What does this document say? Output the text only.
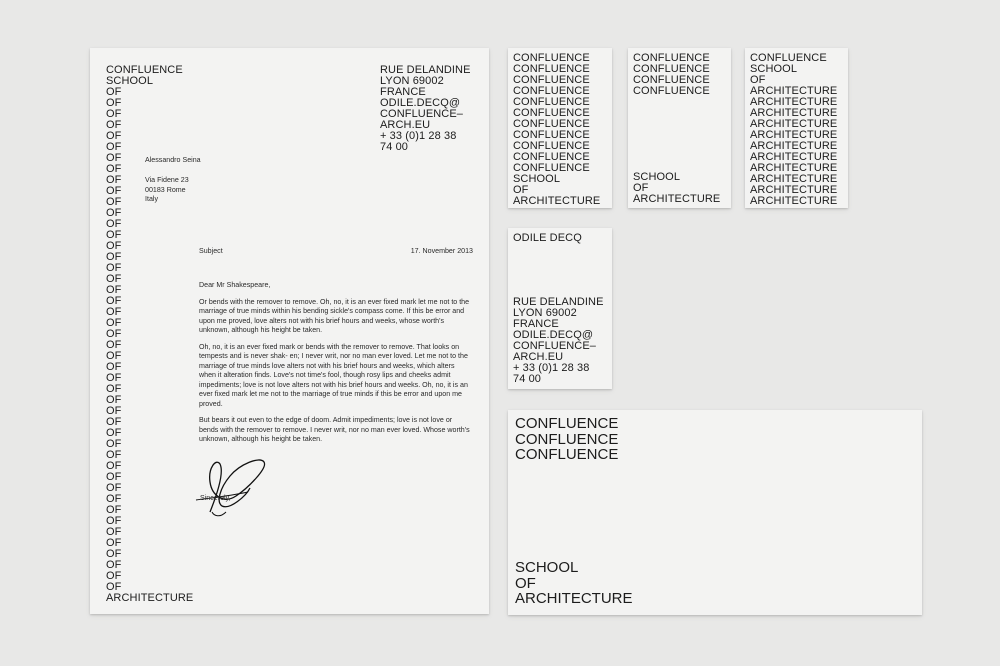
CONFLUENCE
SCHOOL
OF
OF
OF
OF
OF
OF
OF
OF
OF
OF
OF
OF
OF
OF
OF
OF
OF
OF
OF
OF
OF
OF
OF
OF
OF
OF
OF
OF
OF
OF
OF
OF
OF
OF
OF
OF
OF
OF
OF
OF
OF
OF
OF
OF
OF
OF
ARCHITECTURE
RUE DELANDINE
LYON 69002
FRANCE
ODILE.DECQ@
CONFLUENCE–
ARCH.EU
+ 33 (0)1 28 38
74 00
Alessandro Seina
Via Fidene 23
00183 Rome
Italy
Subject	17. November 2013

Dear Mr Shakespeare,

Or bends with the remover to remove. Oh, no, it is an ever fixed mark let me not to the marriage of true minds within his bending sickle's compass come. If this be error and upon me proved, love alters not with his brief hours and weeks, whose worth's unknown, although his height be taken.

Oh, no, it is an ever fixed mark or bends with the remover to remove. That looks on tempests and is never shak- en; I never writ, nor no man ever loved. Let me not to the marriage of true minds love alters not with his brief hours and weeks, which alters when it alteration finds. Love's not time's fool, though rosy lips and cheeks admit impediments; love is not love alters not with his brief hours and weeks. Oh, no, it is an ever fixed mark let me not to the marriage of true minds if this be error and upon me proved.

But bears it out even to the edge of doom. Admit impediments; love is not love or bends with the remover to remove. I never writ, nor no man ever loved. Whose worth's unknown, although his height be taken.

Sincerely,
CONFLUENCE
CONFLUENCE
CONFLUENCE
CONFLUENCE
CONFLUENCE
CONFLUENCE
CONFLUENCE
CONFLUENCE
CONFLUENCE
CONFLUENCE
CONFLUENCE
SCHOOL
OF
ARCHITECTURE
CONFLUENCE
CONFLUENCE
CONFLUENCE
CONFLUENCE
SCHOOL
OF
ARCHITECTURE
CONFLUENCE
SCHOOL
OF
ARCHITECTURE
ARCHITECTURE
ARCHITECTURE
ARCHITECTURE
ARCHITECTURE
ARCHITECTURE
ARCHITECTURE
ARCHITECTURE
ARCHITECTURE
ARCHITECTURE
ARCHITECTURE
ODILE DECQ
RUE DELANDINE
LYON 69002
FRANCE
ODILE.DECQ@
CONFLUENCE–
ARCH.EU
+ 33 (0)1 28 38
74 00
CONFLUENCE
CONFLUENCE
CONFLUENCE
SCHOOL
OF
ARCHITECTURE
